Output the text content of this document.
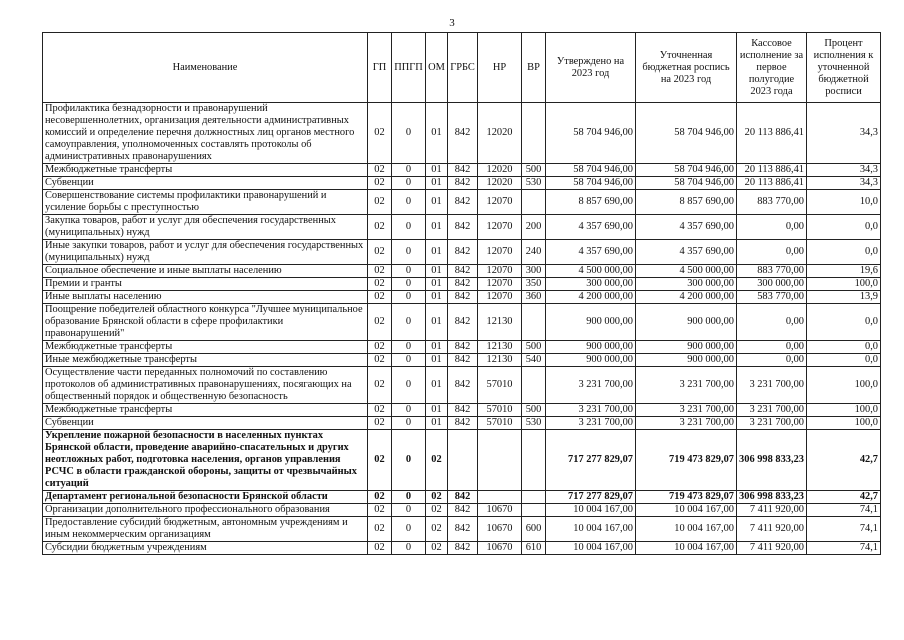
3
Наименование	ГП	ППГП	ОМ	ГРБС	НР	ВР	Утверждено на 2023 год	Уточненная бюджетная роспись на 2023 год	Кассовое исполнение за первое полугодие 2023 года	Процент исполнения к уточненной бюджетной росписи
Профилактика безнадзорности и правонарушений несовершеннолетних, организация деятельности административных комиссий и определение перечня должностных лиц органов местного самоуправления, уполномоченных составлять протоколы об административных правонарушениях	02	0	01	842	12020		58 704 946,00	58 704 946,00	20 113 886,41	34,3
Межбюджетные трансферты	02	0	01	842	12020	500	58 704 946,00	58 704 946,00	20 113 886,41	34,3
Субвенции	02	0	01	842	12020	530	58 704 946,00	58 704 946,00	20 113 886,41	34,3
Совершенствование системы профилактики правонарушений и усиление борьбы с преступностью	02	0	01	842	12070		8 857 690,00	8 857 690,00	883 770,00	10,0
Закупка товаров, работ и услуг для обеспечения государственных (муниципальных) нужд	02	0	01	842	12070	200	4 357 690,00	4 357 690,00	0,00	0,0
Иные закупки товаров, работ и услуг для обеспечения государственных (муниципальных) нужд	02	0	01	842	12070	240	4 357 690,00	4 357 690,00	0,00	0,0
Социальное обеспечение и иные выплаты населению	02	0	01	842	12070	300	4 500 000,00	4 500 000,00	883 770,00	19,6
Премии и гранты	02	0	01	842	12070	350	300 000,00	300 000,00	300 000,00	100,0
Иные выплаты населению	02	0	01	842	12070	360	4 200 000,00	4 200 000,00	583 770,00	13,9
Поощрение победителей областного конкурса "Лучшее муниципальное образование Брянской области в сфере профилактики правонарушений"	02	0	01	842	12130		900 000,00	900 000,00	0,00	0,0
Межбюджетные трансферты	02	0	01	842	12130	500	900 000,00	900 000,00	0,00	0,0
Иные межбюджетные трансферты	02	0	01	842	12130	540	900 000,00	900 000,00	0,00	0,0
Осуществление части переданных полномочий по составлению протоколов об административных правонарушениях, посягающих на общественный порядок и общественную безопасность	02	0	01	842	57010		3 231 700,00	3 231 700,00	3 231 700,00	100,0
Межбюджетные трансферты	02	0	01	842	57010	500	3 231 700,00	3 231 700,00	3 231 700,00	100,0
Субвенции	02	0	01	842	57010	530	3 231 700,00	3 231 700,00	3 231 700,00	100,0
Укрепление пожарной безопасности в населенных пунктах Брянской области, проведение аварийно-спасательных и других неотложных работ, подготовка населения, органов управления РСЧС в области гражданской обороны, защиты от чрезвычайных ситуаций	02	0	02				717 277 829,07	719 473 829,07	306 998 833,23	42,7
Департамент региональной безопасности Брянской области	02	0	02	842			717 277 829,07	719 473 829,07	306 998 833,23	42,7
Организации дополнительного профессионального образования	02	0	02	842	10670		10 004 167,00	10 004 167,00	7 411 920,00	74,1
Предоставление субсидий бюджетным, автономным учреждениям и иным некоммерческим организациям	02	0	02	842	10670	600	10 004 167,00	10 004 167,00	7 411 920,00	74,1
Субсидии бюджетным учреждениям	02	0	02	842	10670	610	10 004 167,00	10 004 167,00	7 411 920,00	74,1
